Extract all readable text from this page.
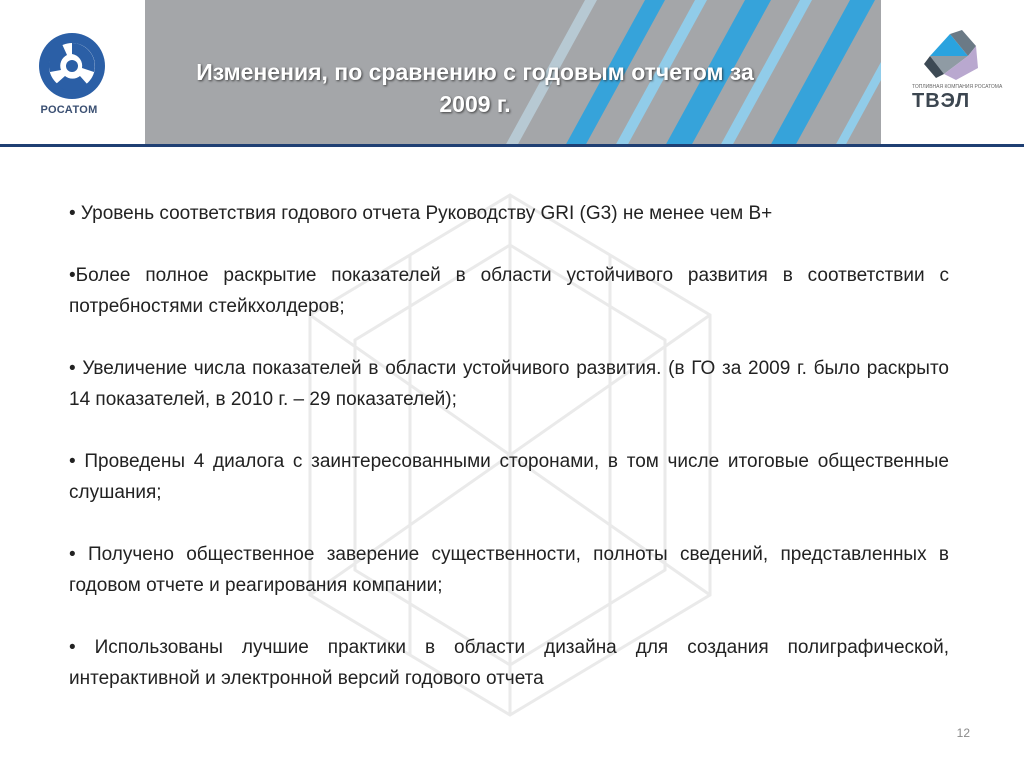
Изменения, по сравнению с годовым отчетом за
2009 г.
РОСАТОМ
ТОПЛИВНАЯ КОМПАНИЯ РОСАТОМА
ТВЭЛ
• Уровень соответствия годового отчета Руководству GRI (G3) не менее чем В+
•Более полное раскрытие показателей в области устойчивого развития в соответствии с потребностями стейкхолдеров;
• Увеличение числа показателей в области устойчивого развития. (в ГО за 2009 г. было раскрыто 14 показателей, в 2010 г. – 29 показателей);
• Проведены 4 диалога с заинтересованными сторонами, в том числе итоговые общественные слушания;
• Получено общественное заверение существенности, полноты сведений, представленных в годовом отчете и реагирования компании;
• Использованы лучшие практики в области дизайна для создания полиграфической, интерактивной и электронной версий годового отчета
12
